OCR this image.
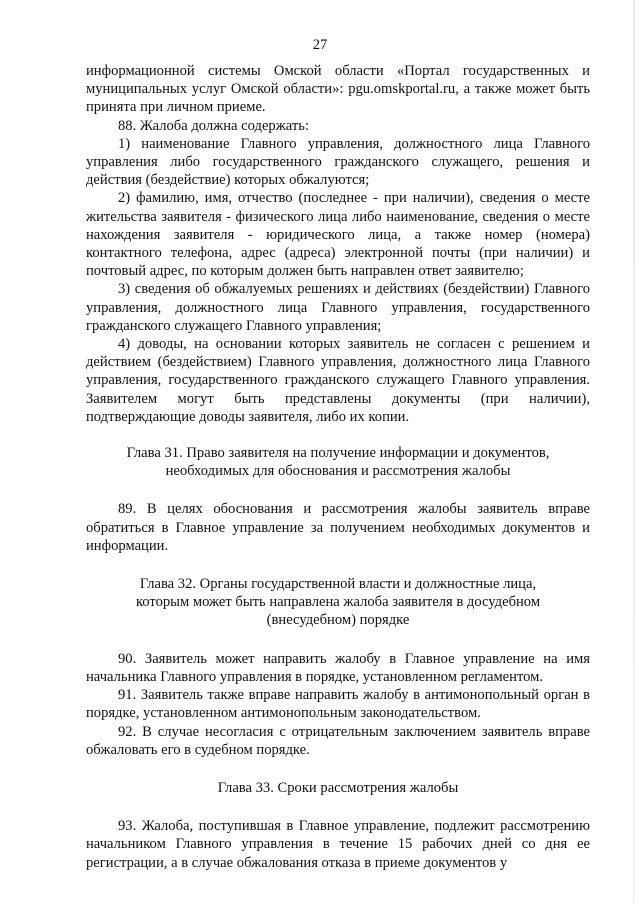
27

информационной системы Омской области «Портал государственных и муниципальных услуг Омской области»: pgu.omskportal.ru, а также может быть принята при личном приеме.

88. Жалоба должна содержать:

1) наименование Главного управления, должностного лица Главного управления либо государственного гражданского служащего, решения и действия (бездействие) которых обжалуются;

2) фамилию, имя, отчество (последнее - при наличии), сведения о месте жительства заявителя - физического лица либо наименование, сведения о месте нахождения заявителя - юридического лица, а также номер (номера) контактного телефона, адрес (адреса) электронной почты (при наличии) и почтовый адрес, по которым должен быть направлен ответ заявителю;

3) сведения об обжалуемых решениях и действиях (бездействии) Главного управления, должностного лица Главного управления, государственного гражданского служащего Главного управления;

4) доводы, на основании которых заявитель не согласен с решением и действием (бездействием) Главного управления, должностного лица Главного управления, государственного гражданского служащего Главного управления. Заявителем могут быть представлены документы (при наличии), подтверждающие доводы заявителя, либо их копии.

Глава 31. Право заявителя на получение информации и документов,
необходимых для обоснования и рассмотрения жалобы

89. В целях обоснования и рассмотрения жалобы заявитель вправе обратиться в Главное управление за получением необходимых документов и информации.

Глава 32. Органы государственной власти и должностные лица,
которым может быть направлена жалоба заявителя в досудебном
(внесудебном) порядке

90. Заявитель может направить жалобу в Главное управление на имя начальника Главного управления в порядке, установленном регламентом.

91. Заявитель также вправе направить жалобу в антимонопольный орган в порядке, установленном антимонопольным законодательством.

92. В случае несогласия с отрицательным заключением заявитель вправе обжаловать его в судебном порядке.

Глава 33. Сроки рассмотрения жалобы

93. Жалоба, поступившая в Главное управление, подлежит рассмотрению начальником Главного управления в течение 15 рабочих дней со дня ее регистрации, а в случае обжалования отказа в приеме документов у
